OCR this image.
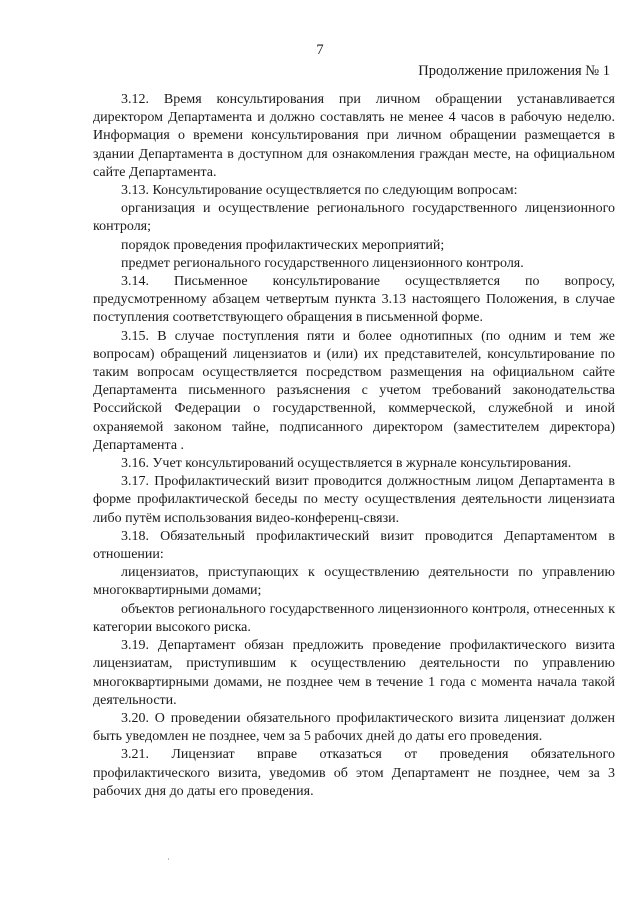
7
Продолжение приложения № 1

3.12. Время консультирования при личном обращении устанавливается директором Департамента и должно составлять не менее 4 часов в рабочую неделю. Информация о времени консультирования при личном обращении размещается в здании Департамента в доступном для ознакомления граждан месте, на официальном сайте Департамента.

3.13. Консультирование осуществляется по следующим вопросам:

организация и осуществление регионального государственного лицензионного контроля;

порядок проведения профилактических мероприятий;

предмет регионального государственного лицензионного контроля.

3.14. Письменное консультирование осуществляется по вопросу, предусмотренному абзацем четвертым пункта 3.13 настоящего Положения, в случае поступления соответствующего обращения в письменной форме.

3.15. В случае поступления пяти и более однотипных (по одним и тем же вопросам) обращений лицензиатов и (или) их представителей, консультирование по таким вопросам осуществляется посредством размещения на официальном сайте Департамента письменного разъяснения с учетом требований законодательства Российской Федерации о государственной, коммерческой, служебной и иной охраняемой законом тайне, подписанного директором (заместителем директора) Департамента .

3.16. Учет консультирований осуществляется в журнале консультирования.

3.17. Профилактический визит проводится должностным лицом Департамента в форме профилактической беседы по месту осуществления деятельности лицензиата либо путём использования видео-конференц-связи.

3.18. Обязательный профилактический визит проводится Департаментом в отношении:

лицензиатов, приступающих к осуществлению деятельности по управлению многоквартирными домами;

объектов регионального государственного лицензионного контроля, отнесенных к категории высокого риска.

3.19. Департамент обязан предложить проведение профилактического визита лицензиатам, приступившим к осуществлению деятельности по управлению многоквартирными домами, не позднее чем в течение 1 года с момента начала такой деятельности.

3.20. О проведении обязательного профилактического визита лицензиат должен быть уведомлен не позднее, чем за 5 рабочих дней до даты его проведения.

3.21. Лицензиат вправе отказаться от проведения обязательного профилактического визита, уведомив об этом Департамент не позднее, чем за 3 рабочих дня до даты его проведения.
